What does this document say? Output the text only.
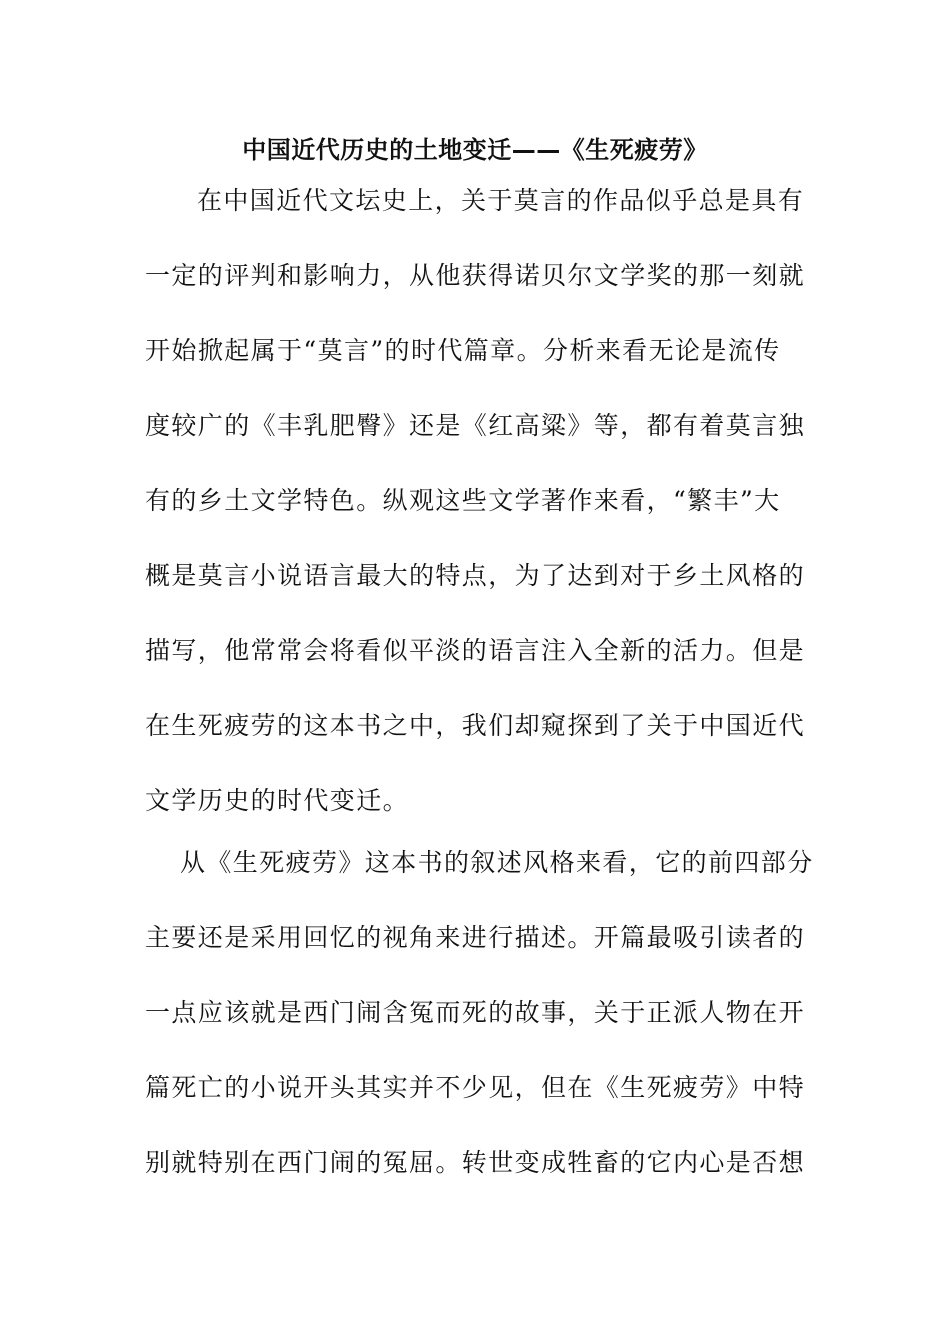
中国近代历史的土地变迁——《生死疲劳》

在中国近代文坛史上，关于莫言的作品似乎总是具有

一定的评判和影响力，从他获得诺贝尔文学奖的那一刻就

开始掀起属于“莫言”的时代篇章。分析来看无论是流传

度较广的《丰乳肥臀》还是《红高粱》等，都有着莫言独

有的乡土文学特色。纵观这些文学著作来看，“繁丰”大

概是莫言小说语言最大的特点，为了达到对于乡土风格的

描写，他常常会将看似平淡的语言注入全新的活力。但是

在生死疲劳的这本书之中，我们却窥探到了关于中国近代

文学历史的时代变迁。

从《生死疲劳》这本书的叙述风格来看，它的前四部分

主要还是采用回忆的视角来进行描述。开篇最吸引读者的

一点应该就是西门闹含冤而死的故事，关于正派人物在开

篇死亡的小说开头其实并不少见，但在《生死疲劳》中特

别就特别在西门闹的冤屈。转世变成牲畜的它内心是否想
